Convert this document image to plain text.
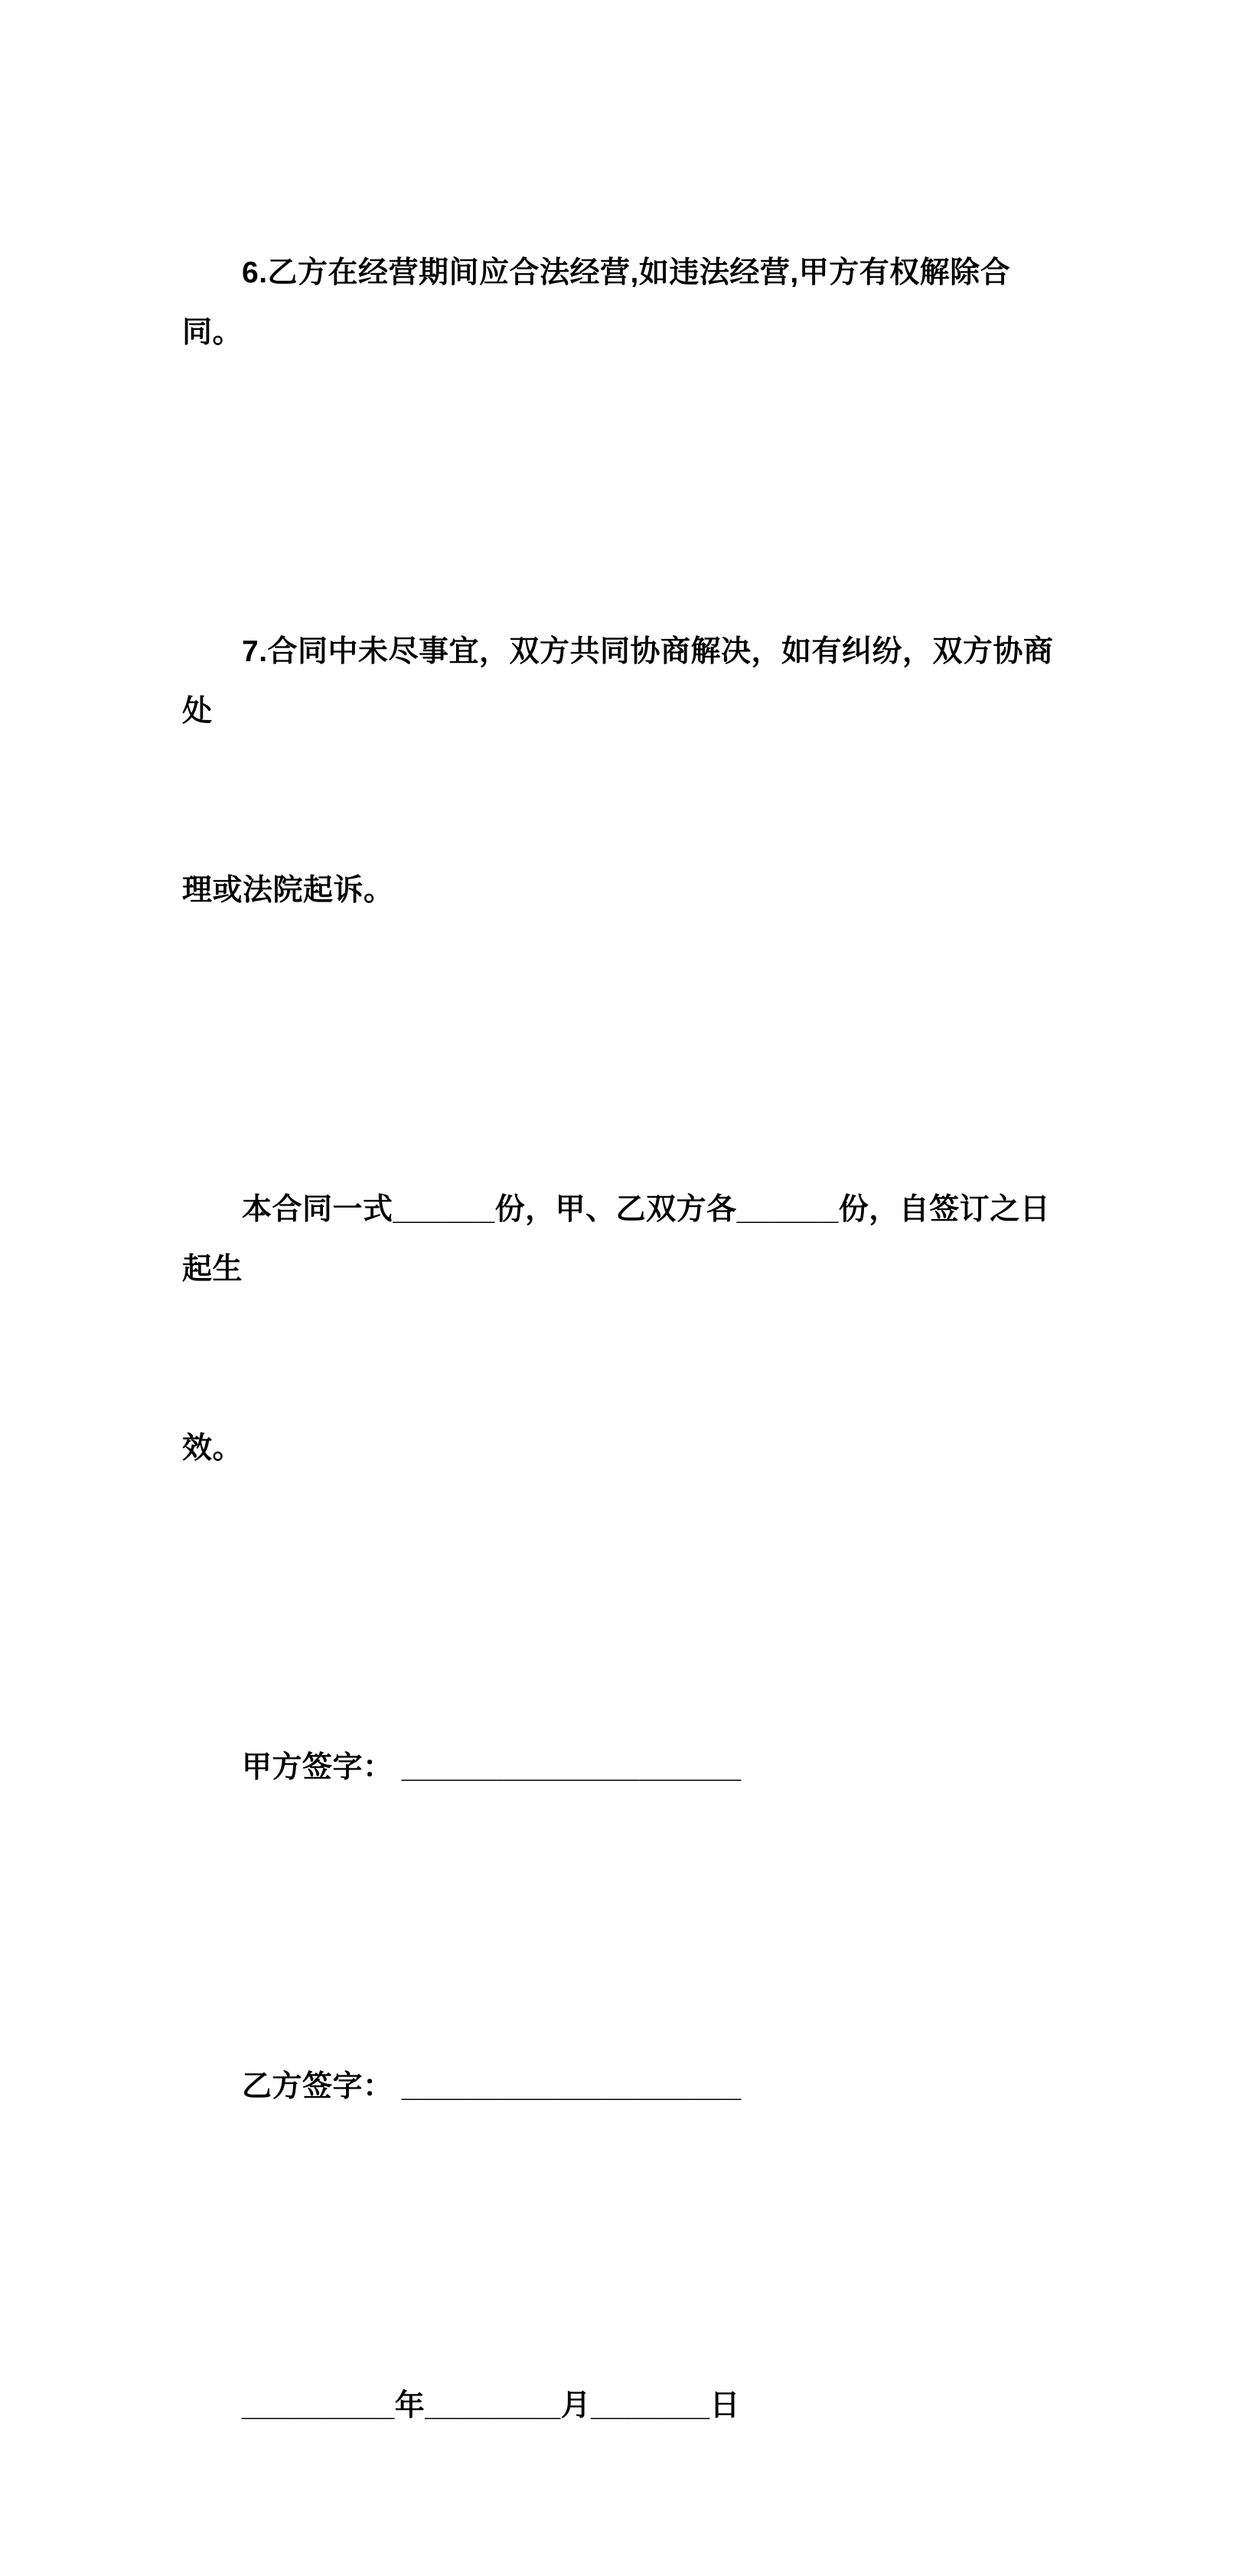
6.乙方在经营期间应合法经营,如违法经营,甲方有权解除合同。

7.合同中未尽事宜，双方共同协商解决，如有纠纷，双方协商处

理或法院起诉。

本合同一式______份，甲、乙双方各______份，自签订之日起生

效。

甲方签字： ____________________

乙方签字： ____________________

_________年________月_______日
